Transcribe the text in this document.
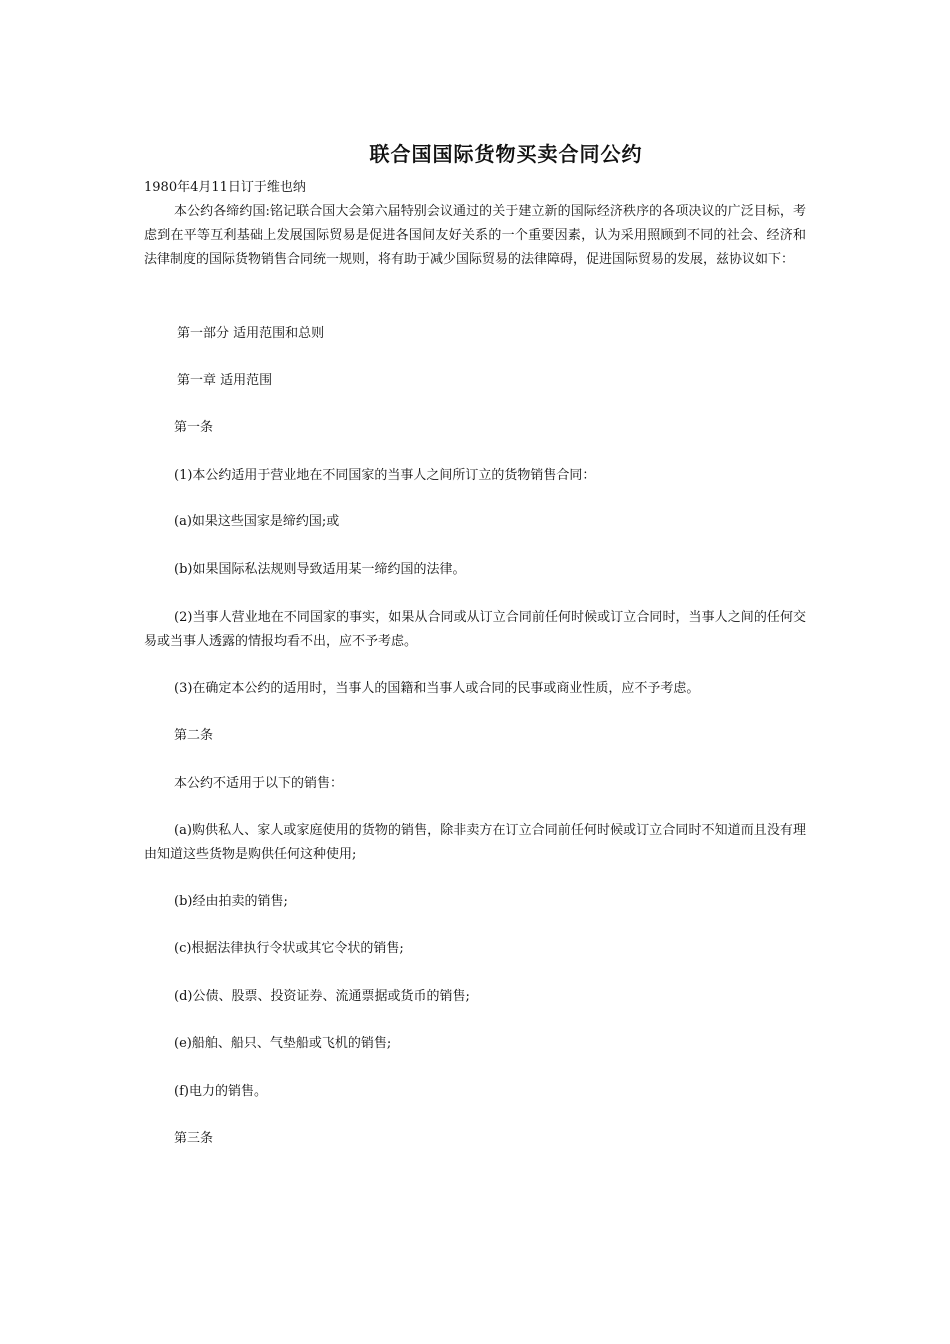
联合国国际货物买卖合同公约

1980年4月11日订于维也纳

本公约各缔约国:铭记联合国大会第六届特别会议通过的关于建立新的国际经济秩序的各项决议的广泛目标，考虑到在平等互利基础上发展国际贸易是促进各国间友好关系的一个重要因素，认为采用照顾到不同的社会、经济和法律制度的国际货物销售合同统一规则，将有助于减少国际贸易的法律障碍，促进国际贸易的发展，兹协议如下：

第一部分 适用范围和总则

第一章 适用范围

第一条

(1)本公约适用于营业地在不同国家的当事人之间所订立的货物销售合同：

(a)如果这些国家是缔约国;或

(b)如果国际私法规则导致适用某一缔约国的法律。

(2)当事人营业地在不同国家的事实，如果从合同或从订立合同前任何时候或订立合同时，当事人之间的任何交易或当事人透露的情报均看不出，应不予考虑。

(3)在确定本公约的适用时，当事人的国籍和当事人或合同的民事或商业性质，应不予考虑。

第二条

本公约不适用于以下的销售：

(a)购供私人、家人或家庭使用的货物的销售，除非卖方在订立合同前任何时候或订立合同时不知道而且没有理由知道这些货物是购供任何这种使用;

(b)经由拍卖的销售;

(c)根据法律执行令状或其它令状的销售;

(d)公债、股票、投资证券、流通票据或货币的销售;

(e)船舶、船只、气垫船或飞机的销售;

(f)电力的销售。

第三条
